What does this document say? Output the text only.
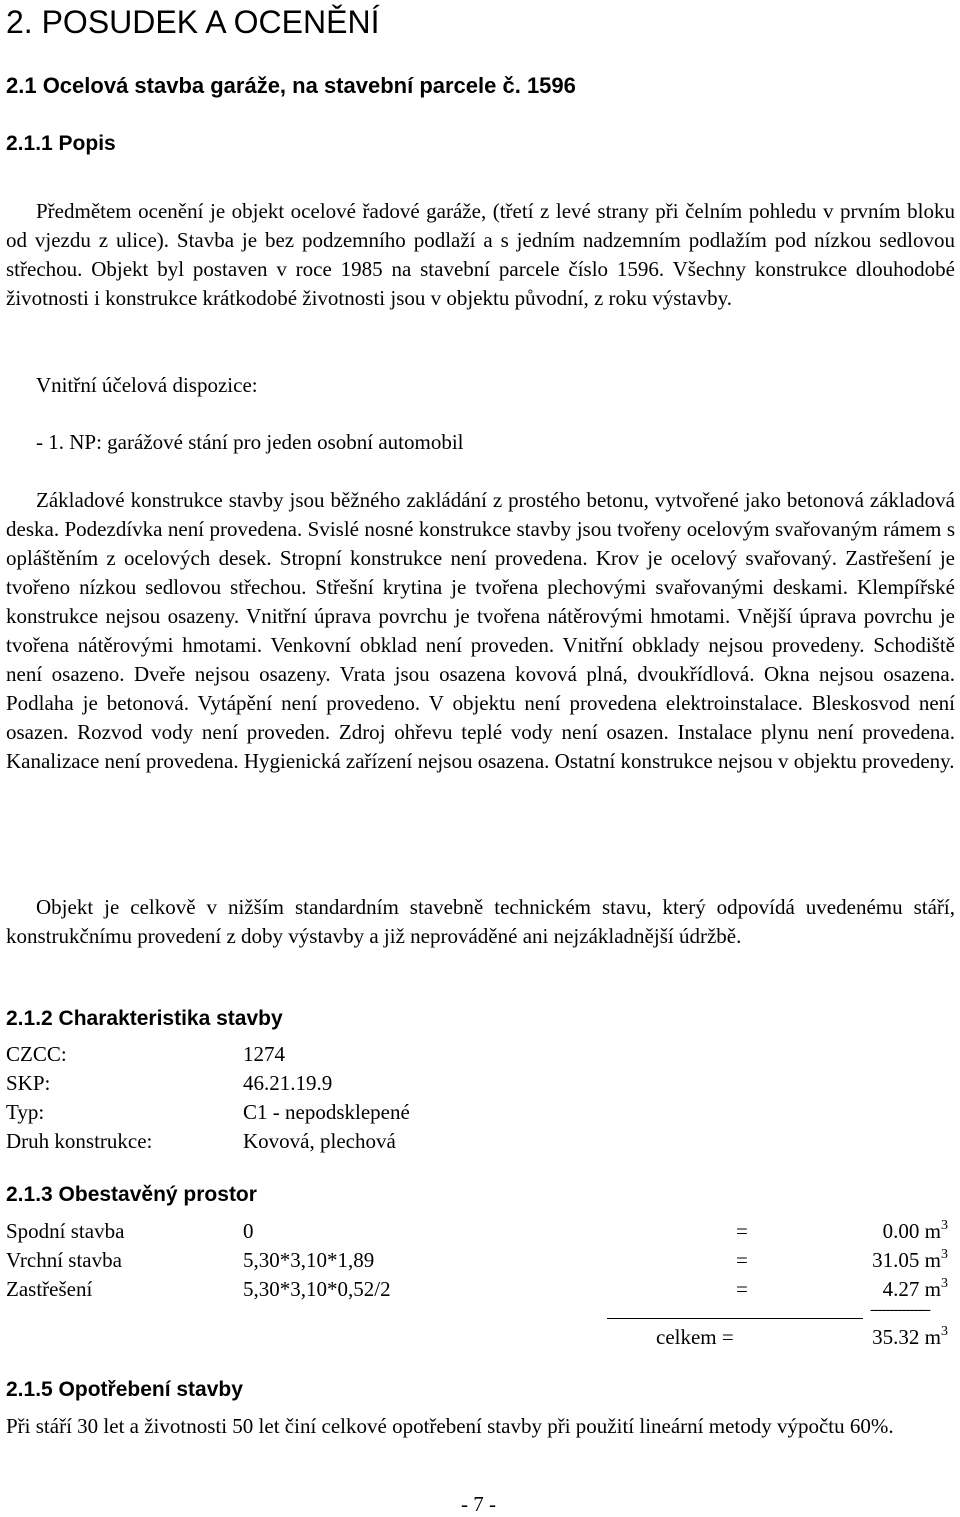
2. POSUDEK A OCENĚNÍ
2.1 Ocelová stavba garáže, na stavební parcele č. 1596
2.1.1 Popis

Předmětem ocenění je objekt ocelové řadové garáže, (třetí z levé strany při čelním pohledu v prvním bloku od vjezdu z ulice). Stavba je bez podzemního podlaží a s jedním nadzemním podlažím pod nízkou sedlovou střechou. Objekt byl postaven v roce 1985 na stavební parcele číslo 1596. Všechny konstrukce dlouhodobé životnosti i konstrukce krátkodobé životnosti jsou v objektu původní, z roku výstavby.

Vnitřní účelová dispozice:
- 1. NP: garážové stání pro jeden osobní automobil

Základové konstrukce stavby jsou běžného zakládání z prostého betonu, vytvořené jako betonová základová deska. Podezdívka není provedena. Svislé nosné konstrukce stavby jsou tvořeny ocelovým svařovaným rámem s opláštěním z ocelových desek. Stropní konstrukce není provedena. Krov je ocelový svařovaný. Zastřešení je tvořeno nízkou sedlovou střechou. Střešní krytina je tvořena plechovými svařovanými deskami. Klempířské konstrukce nejsou osazeny. Vnitřní úprava povrchu je tvořena nátěrovými hmotami. Vnější úprava povrchu je tvořena nátěrovými hmotami. Venkovní obklad není proveden. Vnitřní obklady nejsou provedeny. Schodiště není osazeno. Dveře nejsou osazeny. Vrata jsou osazena kovová plná, dvoukřídlová. Okna nejsou osazena. Podlaha je betonová. Vytápění není provedeno. V objektu není provedena elektroinstalace. Bleskosvod není osazen. Rozvod vody není proveden. Zdroj ohřevu teplé vody není osazen. Instalace plynu není provedena. Kanalizace není provedena. Hygienická zařízení nejsou osazena. Ostatní konstrukce nejsou v objektu provedeny.

Objekt je celkově v nižším standardním stavebně technickém stavu, který odpovídá uvedenému stáří, konstrukčnímu provedení z doby výstavby a již neprováděné ani nejzákladnější údržbě.

2.1.2 Charakteristika stavby
CZCC:	1274
SKP:	46.21.19.9
Typ:	C1 - nepodsklepené
Druh konstrukce:	Kovová, plechová
2.1.3 Obestavěný prostor
Spodní stavba	0	=	0.00 $m^3$
Vrchní stavba	5,30*3,10*1,89	=	31.05 $m^3$
Zastřešení	5,30*3,10*0,52/2	=	4.27 $m^3$
---------------
celkem =	35.32 $m^3$
2.1.5 Opotřebení stavby

Při stáří 30 let a životnosti 50 let činí celkové opotřebení stavby při použití lineární metody výpočtu 60%.

- 7 -
